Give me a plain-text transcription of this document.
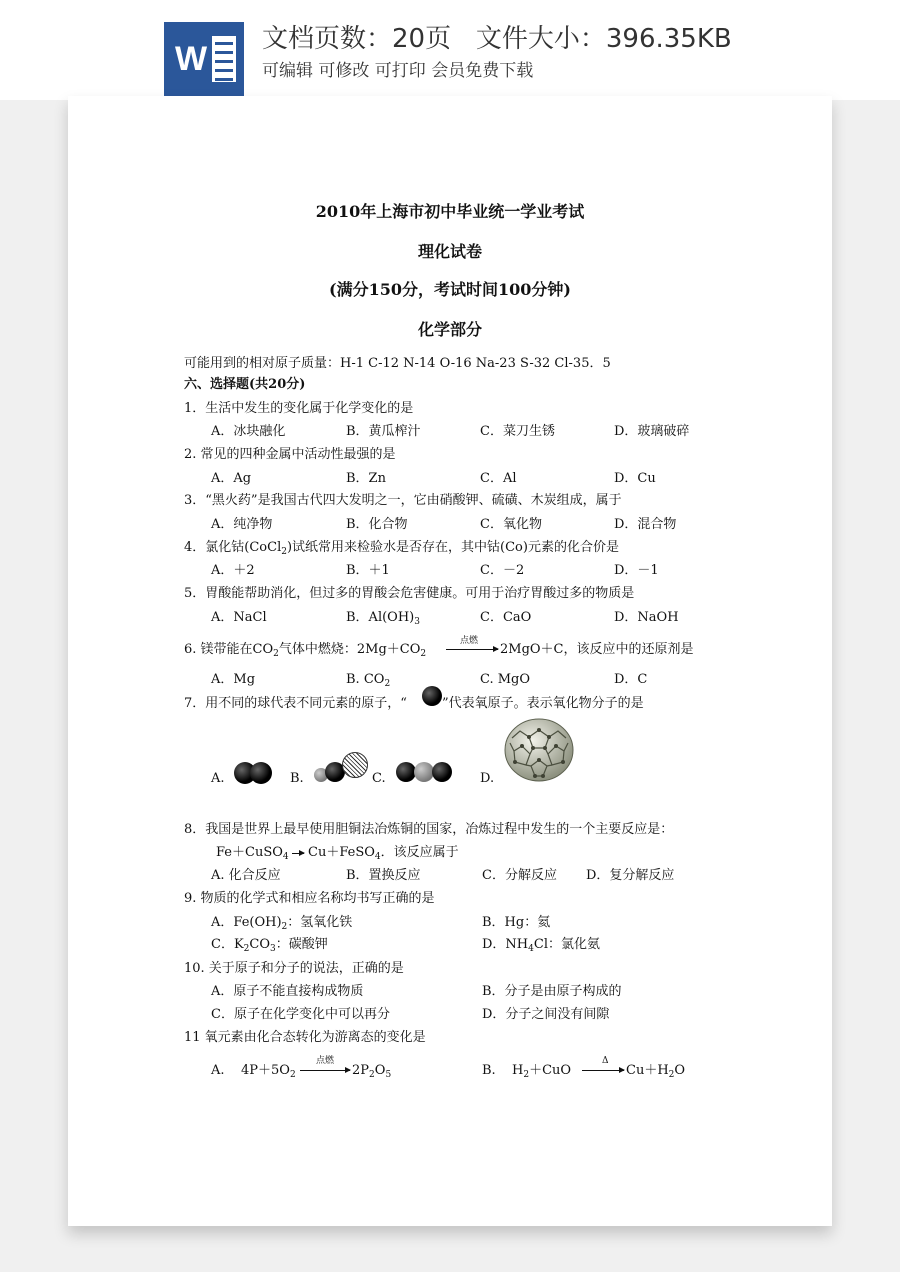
W
文档页数：20页   文件大小：396.35KB
可编辑 可修改 可打印 会员免费下载
2010年上海市初中毕业统一学业考试
理化试卷
(满分150分，考试时间100分钟)
化学部分
可能用到的相对原子质量：H-1 C-12 N-14 O-16 Na-23 S-32 Cl-35．5
六、选择题(共20分)
1．生活中发生的变化属于化学变化的是
A．冰块融化	B．黄瓜榨汁	C．菜刀生锈	D．玻璃破碎
2. 常见的四种金属中活动性最强的是
A．Ag	B．Zn	C．Al	D．Cu
3．“黑火药”是我国古代四大发明之一，它由硝酸钾、硫磺、木炭组成，属于
A．纯净物	B．化合物	C．氧化物	D．混合物
4．氯化钴(CoCl$_2$)试纸常用来检验水是否存在，其中钴(Co)元素的化合价是
A．＋2	B．＋1	C．－2	D．－1
5．胃酸能帮助消化，但过多的胃酸会危害健康。可用于治疗胃酸过多的物质是
A．NaCl	B．$Al(OH)_3$	C．CaO	D．NaOH
6. 镁带能在$CO_2$气体中燃烧：$2Mg+CO_2$
点燃
2MgO＋C，该反应中的还原剂是
A．Mg	B. $CO_2$	C. MgO	D．C
7．用不同的球代表不同元素的原子，“	”代表氧原子。表示氧化物分子的是
A.	B.	C.	D.
8．我国是世界上最早使用胆铜法冶炼铜的国家，冶炼过程中发生的一个主要反应是：
Fe＋CuSO$_4$ Cu＋FeSO$_4$．该反应属于
A. 化合反应	B．置换反应	C．分解反应 D．复分解反应
9. 物质的化学式和相应名称均书写正确的是
A．$Fe(OH)_2$：氢氧化铁	B．Hg：氦
C．$K_2CO_3$：碳酸钾	D．$NH_4Cl$：氯化氨
10. 关于原子和分子的说法，正确的是
A．原子不能直接构成物质	B．分子是由原子构成的
C．原子在化学变化中可以再分	D．分子之间没有间隙
11 氧元素由化合态转化为游离态的变化是
A. $4P+5O_2$
点燃
$2P_2O_5$	B. $H_2+CuO$
Δ
$Cu+H_2O$
